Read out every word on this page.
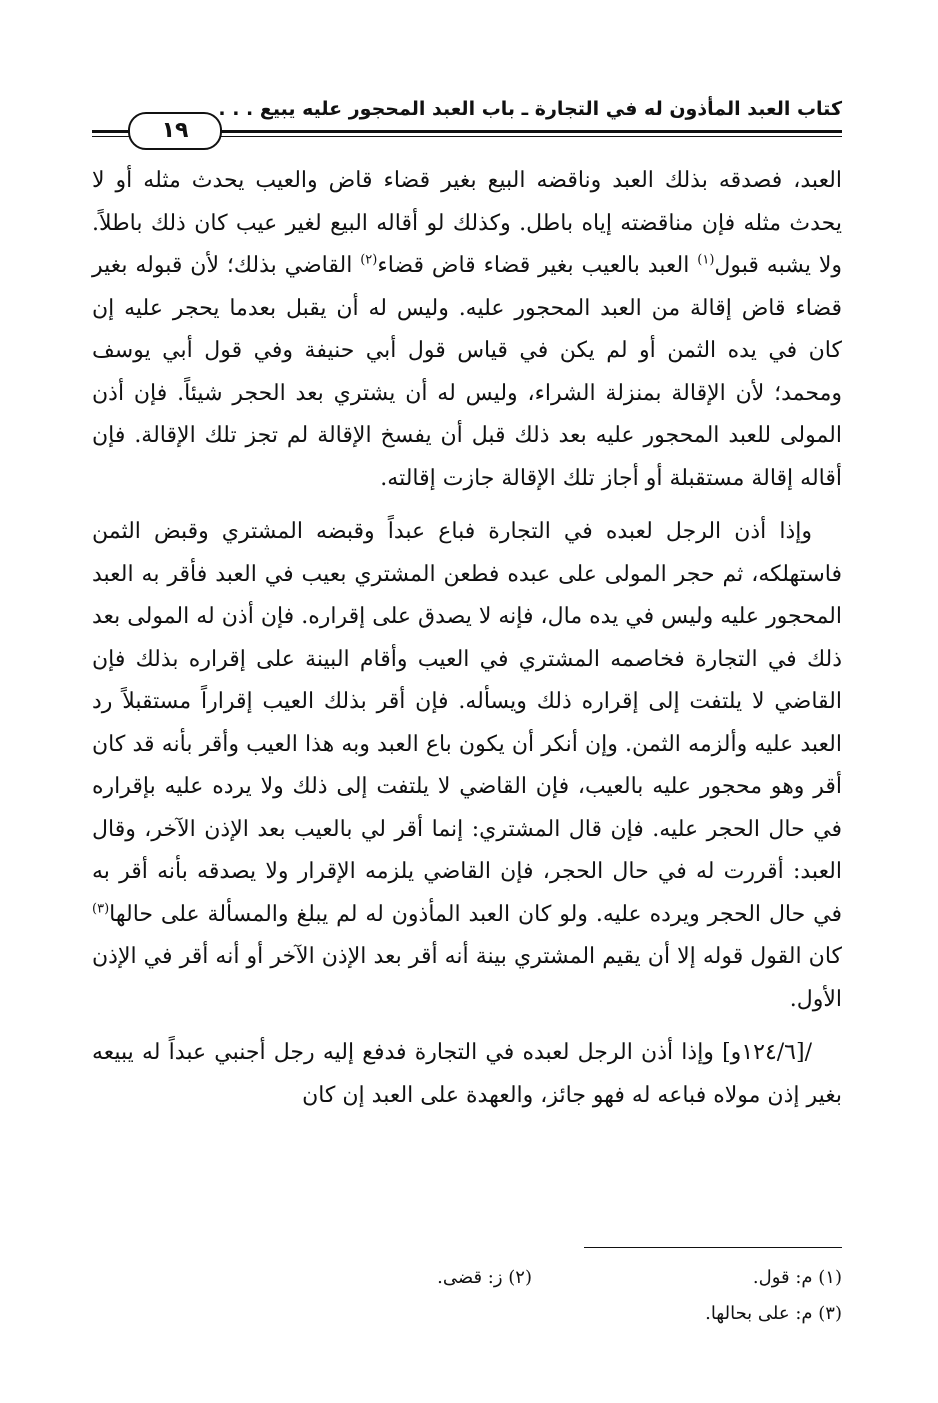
كتاب العبد المأذون له في التجارة ـ باب العبد المحجور عليه يبيع . . .
١٩

العبد، فصدقه بذلك العبد وناقضه البيع بغير قضاء قاض والعيب يحدث مثله أو لا يحدث مثله فإن مناقضته إياه باطل. وكذلك لو أقاله البيع لغير عيب كان ذلك باطلاً. ولا يشبه قبول$^{(١)}$ العبد بالعيب بغير قضاء قاض قضاء$^{(٢)}$ القاضي بذلك؛ لأن قبوله بغير قضاء قاض إقالة من العبد المحجور عليه. وليس له أن يقبل بعدما يحجر عليه إن كان في يده الثمن أو لم يكن في قياس قول أبي حنيفة وفي قول أبي يوسف ومحمد؛ لأن الإقالة بمنزلة الشراء، وليس له أن يشتري بعد الحجر شيئاً. فإن أذن المولى للعبد المحجور عليه بعد ذلك قبل أن يفسخ الإقالة لم تجز تلك الإقالة. فإن أقاله إقالة مستقبلة أو أجاز تلك الإقالة جازت إقالته.

وإذا أذن الرجل لعبده في التجارة فباع عبداً وقبضه المشتري وقبض الثمن فاستهلكه، ثم حجر المولى على عبده فطعن المشتري بعيب في العبد فأقر به العبد المحجور عليه وليس في يده مال، فإنه لا يصدق على إقراره. فإن أذن له المولى بعد ذلك في التجارة فخاصمه المشتري في العيب وأقام البينة على إقراره بذلك فإن القاضي لا يلتفت إلى إقراره ذلك ويسأله. فإن أقر بذلك العيب إقراراً مستقبلاً رد العبد عليه وألزمه الثمن. وإن أنكر أن يكون باع العبد وبه هذا العيب وأقر بأنه قد كان أقر وهو محجور عليه بالعيب، فإن القاضي لا يلتفت إلى ذلك ولا يرده عليه بإقراره في حال الحجر عليه. فإن قال المشتري: إنما أقر لي بالعيب بعد الإذن الآخر، وقال العبد: أقررت له في حال الحجر، فإن القاضي يلزمه الإقرار ولا يصدقه بأنه أقر به في حال الحجر ويرده عليه. ولو كان العبد المأذون له لم يبلغ والمسألة على حالها$^{(٣)}$ كان القول قوله إلا أن يقيم المشتري بينة أنه أقر بعد الإذن الآخر أو أنه أقر في الإذن الأول.

/[١٢٤/٦و] وإذا أذن الرجل لعبده في التجارة فدفع إليه رجل أجنبي عبداً له يبيعه بغير إذن مولاه فباعه له فهو جائز، والعهدة على العبد إن كان

(١) م: قول.
(٢) ز: قضى.
(٣) م: على بحالها.
